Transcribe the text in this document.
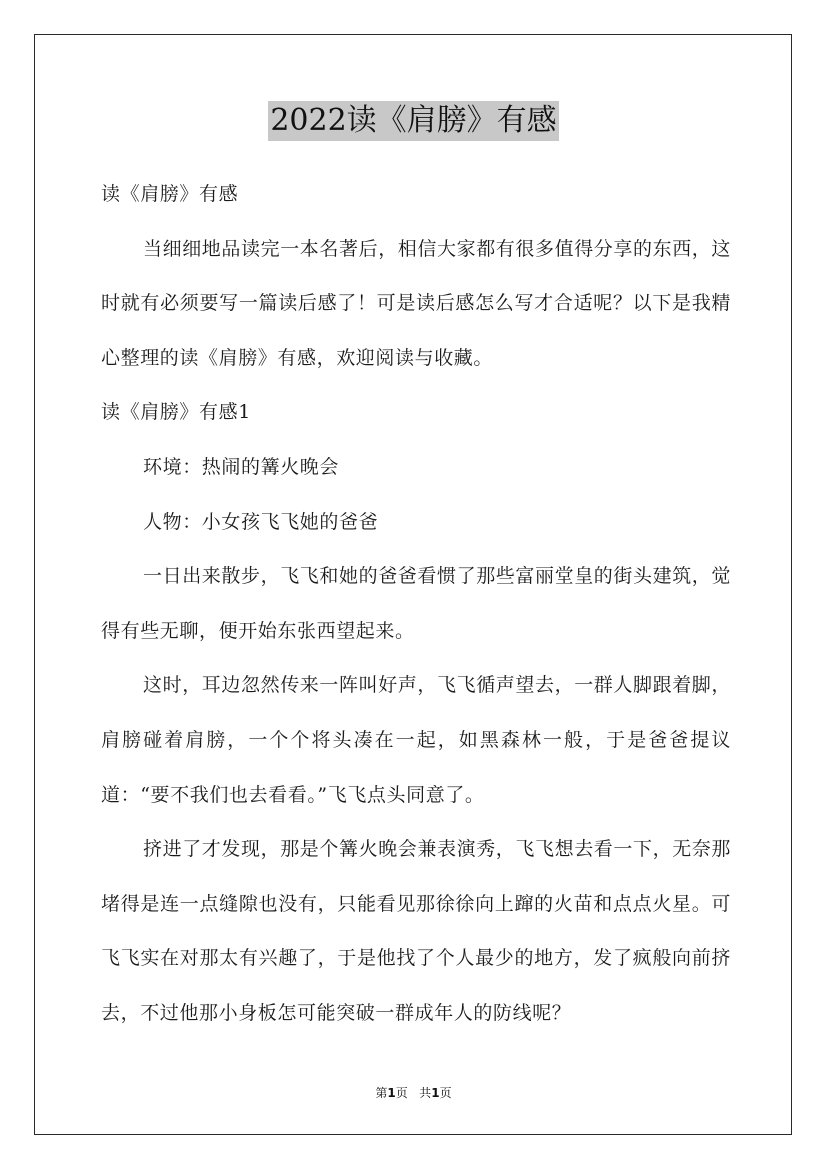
2022读《肩膀》有感

读《肩膀》有感

当细细地品读完一本名著后，相信大家都有很多值得分享的东西，这时就有必须要写一篇读后感了！可是读后感怎么写才合适呢？以下是我精心整理的读《肩膀》有感，欢迎阅读与收藏。

读《肩膀》有感1

环境：热闹的篝火晚会

人物：小女孩飞飞她的爸爸

一日出来散步，飞飞和她的爸爸看惯了那些富丽堂皇的街头建筑，觉得有些无聊，便开始东张西望起来。

这时，耳边忽然传来一阵叫好声，飞飞循声望去，一群人脚跟着脚，肩膀碰着肩膀，一个个将头凑在一起，如黑森林一般，于是爸爸提议道：“要不我们也去看看。”飞飞点头同意了。

挤进了才发现，那是个篝火晚会兼表演秀，飞飞想去看一下，无奈那堵得是连一点缝隙也没有，只能看见那徐徐向上蹿的火苗和点点火星。可飞飞实在对那太有兴趣了，于是他找了个人最少的地方，发了疯般向前挤去，不过他那小身板怎可能突破一群成年人的防线呢？

第1页 共1页
